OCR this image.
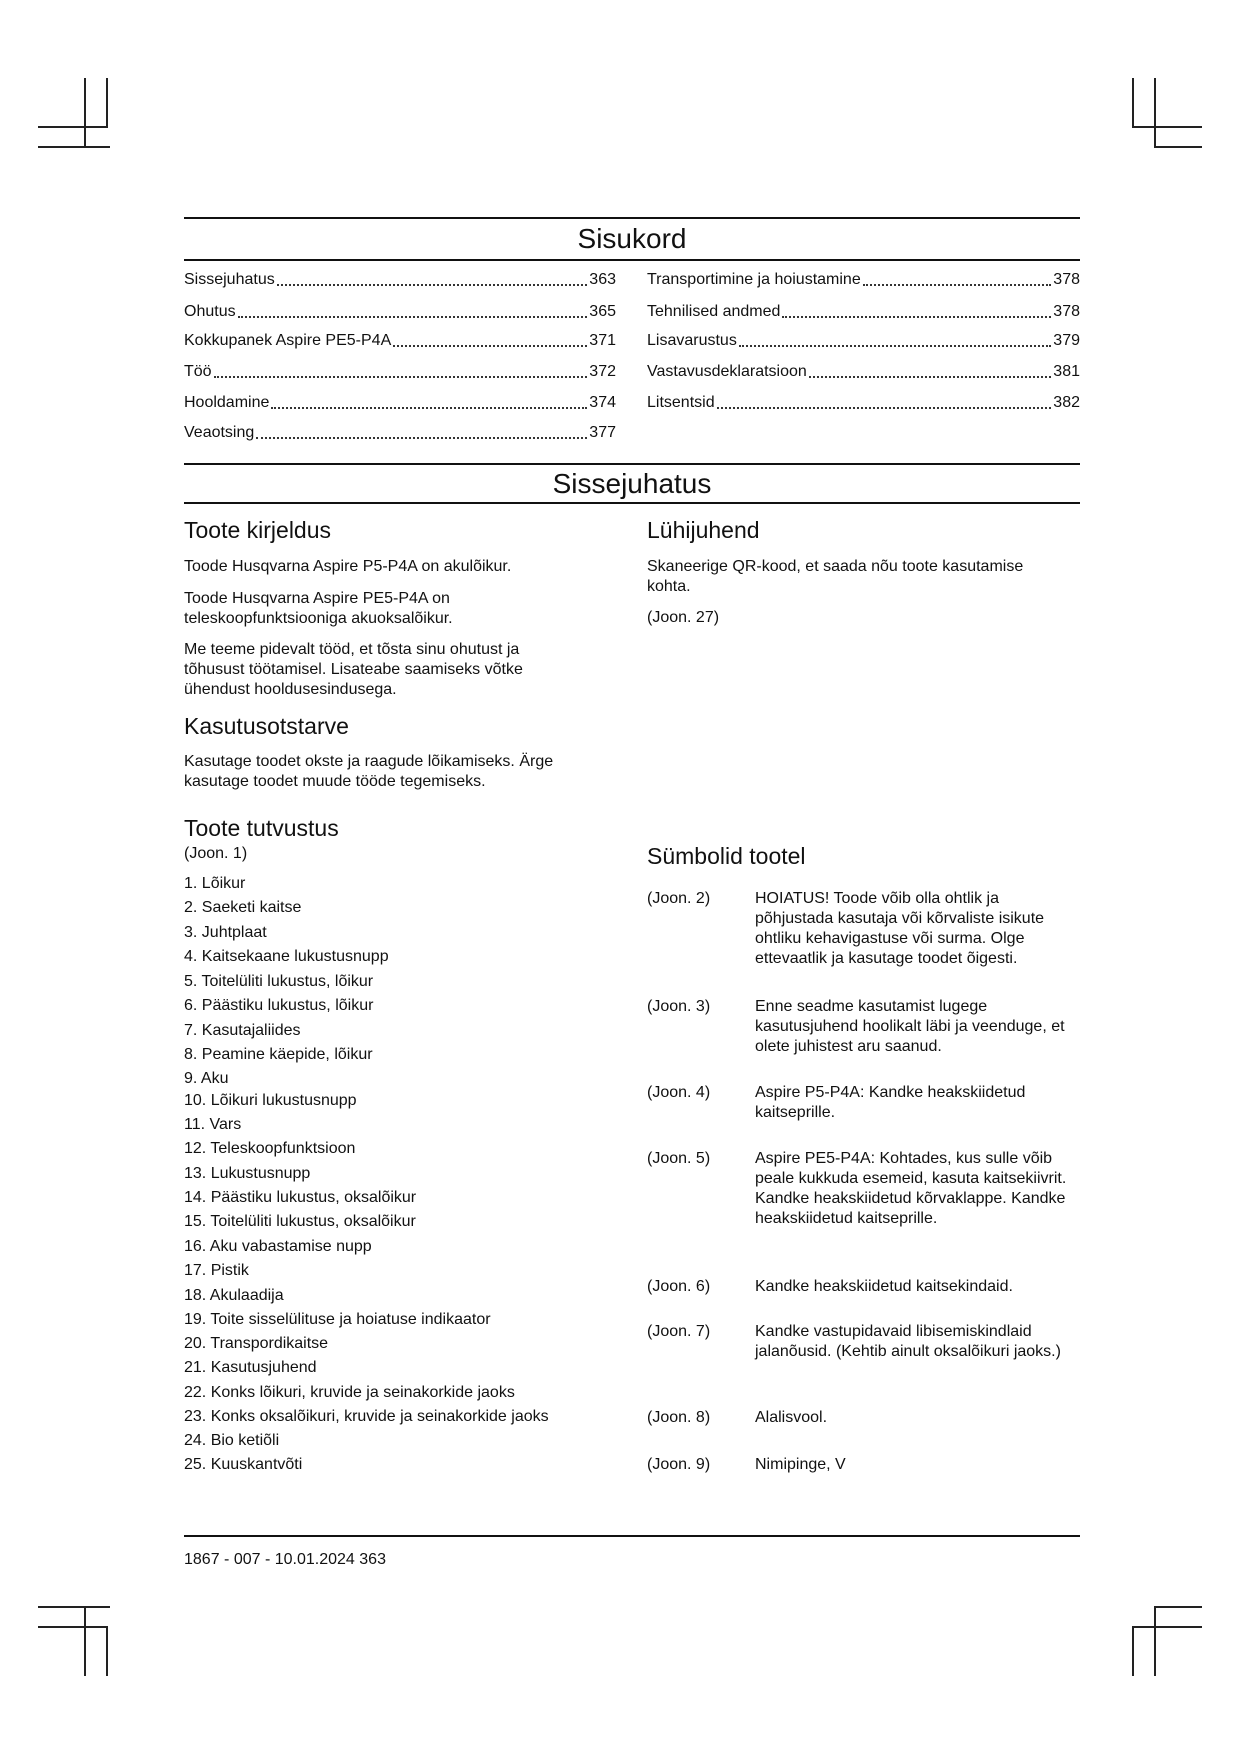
Sisukord
Sissejuhatus	363
Ohutus	365
Kokkupanek Aspire PE5-P4A	371
Töö	372
Hooldamine	374
Veaotsing	377
Transportimine ja hoiustamine	378
Tehnilised andmed	378
Lisavarustus	379
Vastavusdeklaratsioon	381
Litsentsid	382
Sissejuhatus
Toote kirjeldus
Toode Husqvarna Aspire P5-P4A on akulõikur.
Toode Husqvarna Aspire PE5-P4A on teleskoopfunktsiooniga akuoksalõikur.
Me teeme pidevalt tööd, et tõsta sinu ohutust ja tõhusust töötamisel. Lisateabe saamiseks võtke ühendust hooldusesindusega.
Kasutusotstarve
Kasutage toodet okste ja raagude lõikamiseks. Ärge kasutage toodet muude tööde tegemiseks.
Toote tutvustus
(Joon. 1)
1. Lõikur
2. Saeketi kaitse
3. Juhtplaat
4. Kaitsekaane lukustusnupp
5. Toitelüliti lukustus, lõikur
6. Päästiku lukustus, lõikur
7. Kasutajaliides
8. Peamine käepide, lõikur
9. Aku
10. Lõikuri lukustusnupp
11. Vars
12. Teleskoopfunktsioon
13. Lukustusnupp
14. Päästiku lukustus, oksalõikur
15. Toitelüliti lukustus, oksalõikur
16. Aku vabastamise nupp
17. Pistik
18. Akulaadija
19. Toite sisselülituse ja hoiatuse indikaator
20. Transpordikaitse
21. Kasutusjuhend
22. Konks lõikuri, kruvide ja seinakorkide jaoks
23. Konks oksalõikuri, kruvide ja seinakorkide jaoks
24. Bio ketiõli
25. Kuuskantvõti
Lühijuhend
Skaneerige QR-kood, et saada nõu toote kasutamise kohta.
(Joon. 27)
Sümbolid tootel
(Joon. 2)	HOIATUS! Toode võib olla ohtlik ja põhjustada kasutaja või kõrvaliste isikute ohtliku kehavigastuse või surma. Olge ettevaatlik ja kasutage toodet õigesti.
(Joon. 3)	Enne seadme kasutamist lugege kasutusjuhend hoolikalt läbi ja veenduge, et olete juhistest aru saanud.
(Joon. 4)	Aspire P5-P4A: Kandke heakskiidetud kaitseprille.
(Joon. 5)	Aspire PE5-P4A: Kohtades, kus sulle võib peale kukkuda esemeid, kasuta kaitsekiivrit. Kandke heakskiidetud kõrvaklappe. Kandke heakskiidetud kaitseprille.
(Joon. 6)	Kandke heakskiidetud kaitsekindaid.
(Joon. 7)	Kandke vastupidavaid libisemiskindlaid jalanõusid. (Kehtib ainult oksalõikuri jaoks.)
(Joon. 8)	Alalisvool.
(Joon. 9)	Nimipinge, V
1867 - 007 - 10.01.2024 363
